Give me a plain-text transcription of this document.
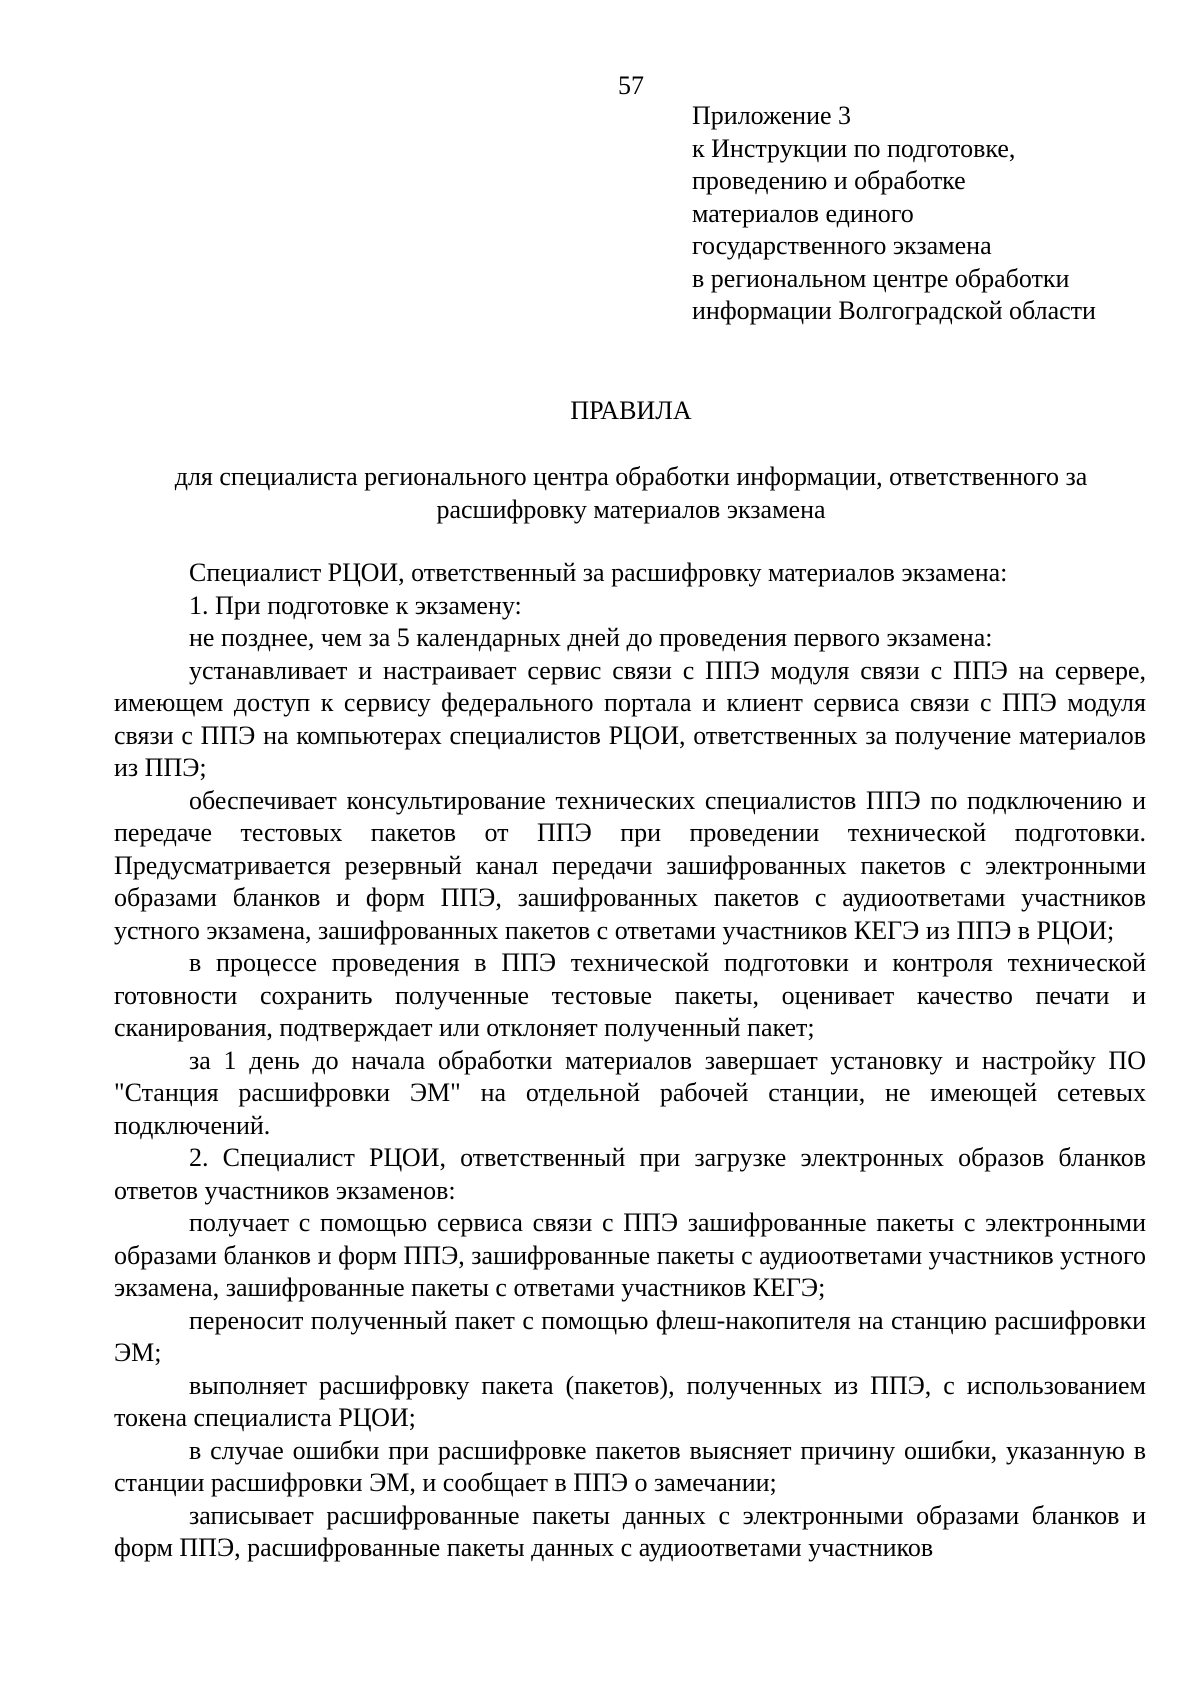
57
Приложение 3
к Инструкции по подготовке,
проведению и обработке
материалов единого
государственного экзамена
в региональном центре обработки
информации Волгоградской области
ПРАВИЛА
для специалиста регионального центра обработки информации, ответственного за расшифровку материалов экзамена

Специалист РЦОИ, ответственный за расшифровку материалов экзамена:

1. При подготовке к экзамену:

не позднее, чем за 5 календарных дней до проведения первого экзамена:

устанавливает и настраивает сервис связи с ППЭ модуля связи с ППЭ на сервере, имеющем доступ к сервису федерального портала и клиент сервиса связи с ППЭ модуля связи с ППЭ на компьютерах специалистов РЦОИ, ответственных за получение материалов из ППЭ;

обеспечивает консультирование технических специалистов ППЭ по подключению и передаче тестовых пакетов от ППЭ при проведении технической подготовки. Предусматривается резервный канал передачи зашифрованных пакетов с электронными образами бланков и форм ППЭ, зашифрованных пакетов с аудиоответами участников устного экзамена, зашифрованных пакетов с ответами участников КЕГЭ из ППЭ в РЦОИ;

в процессе проведения в ППЭ технической подготовки и контроля технической готовности сохранить полученные тестовые пакеты, оценивает качество печати и сканирования, подтверждает или отклоняет полученный пакет;

за 1 день до начала обработки материалов завершает установку и настройку ПО "Станция расшифровки ЭМ" на отдельной рабочей станции, не имеющей сетевых подключений.

2. Специалист РЦОИ, ответственный при загрузке электронных образов бланков ответов участников экзаменов:

получает с помощью сервиса связи с ППЭ зашифрованные пакеты с электронными образами бланков и форм ППЭ, зашифрованные пакеты с аудиоответами участников устного экзамена, зашифрованные пакеты с ответами участников КЕГЭ;

переносит полученный пакет с помощью флеш-накопителя на станцию расшифровки ЭМ;

выполняет расшифровку пакета (пакетов), полученных из ППЭ, с использованием токена специалиста РЦОИ;

в случае ошибки при расшифровке пакетов выясняет причину ошибки, указанную в станции расшифровки ЭМ, и сообщает в ППЭ о замечании;

записывает расшифрованные пакеты данных с электронными образами бланков и форм ППЭ, расшифрованные пакеты данных с аудиоответами участников
